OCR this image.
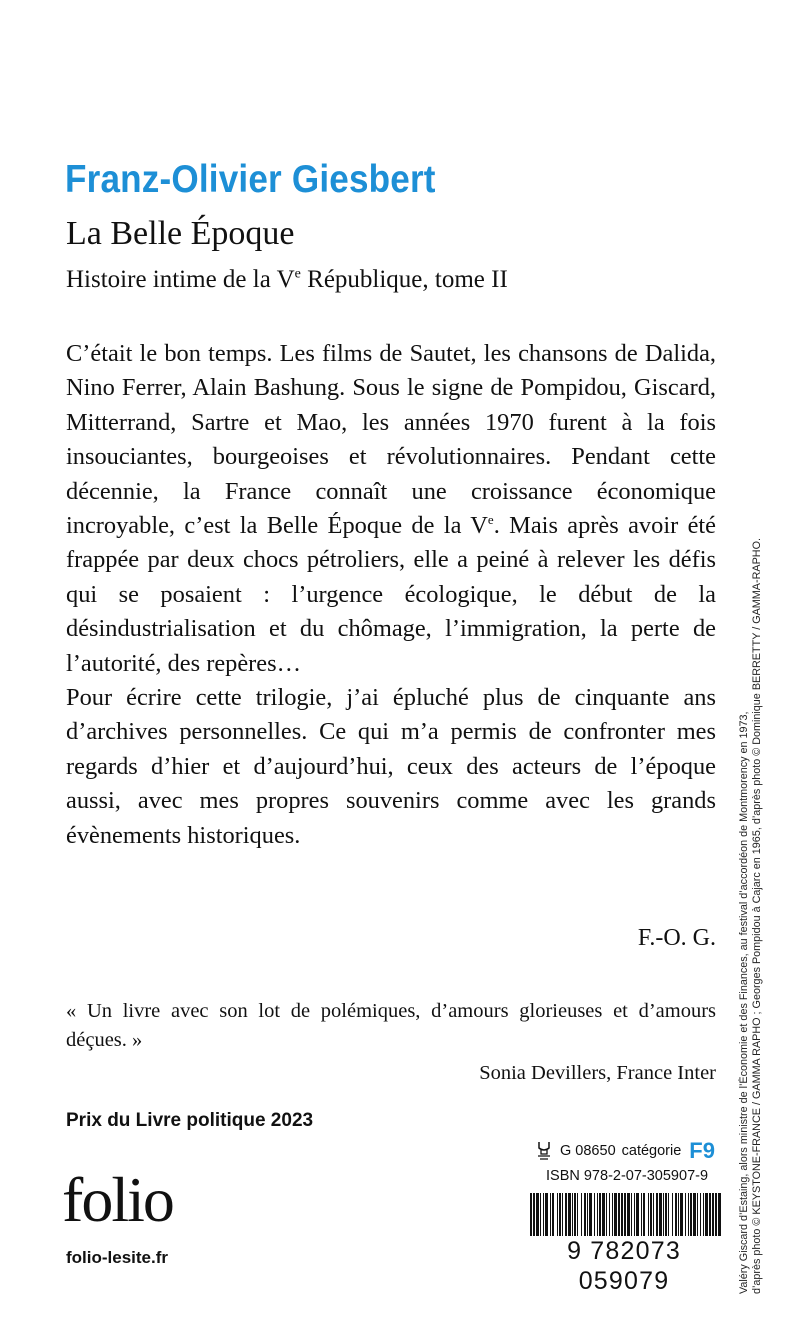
Franz-Olivier Giesbert
La Belle Époque
Histoire intime de la Ve République, tome II

C’était le bon temps. Les films de Sautet, les chansons de Dalida, Nino Ferrer, Alain Bashung. Sous le signe de Pompidou, Giscard, Mitterrand, Sartre et Mao, les années 1970 furent à la fois insouciantes, bourgeoises et révolutionnaires. Pendant cette décennie, la France connaît une croissance économique incroyable, c’est la Belle Époque de la Ve. Mais après avoir été frappée par deux chocs pétroliers, elle a peiné à relever les défis qui se posaient : l’urgence écologique, le début de la désindustrialisation et du chômage, l’immigration, la perte de l’autorité, des repères…

Pour écrire cette trilogie, j’ai épluché plus de cinquante ans d’archives personnelles. Ce qui m’a permis de confronter mes regards d’hier et d’aujourd’hui, ceux des acteurs de l’époque aussi, avec mes propres souvenirs comme avec les grands évènements historiques.

F.-O. G.
« Un livre avec son lot de polémiques, d’amours glorieuses et d’amours déçues. »
Sonia Devillers, France Inter
Prix du Livre politique 2023
folio
folio-lesite.fr
G 08650 catégorie F9
ISBN 978-2-07-305907-9
9 782073 059079	Valéry Giscard d’Estaing, alors ministre de l’Économie et des Finances, au festival d’accordéon de Montmorency en 1973, d’après photo © KEYSTONE-FRANCE / GAMMA RAPHO ; Georges Pompidou à Cajarc en 1965, d’après photo © Dominique BERRETTY / GAMMA-RAPHO.
